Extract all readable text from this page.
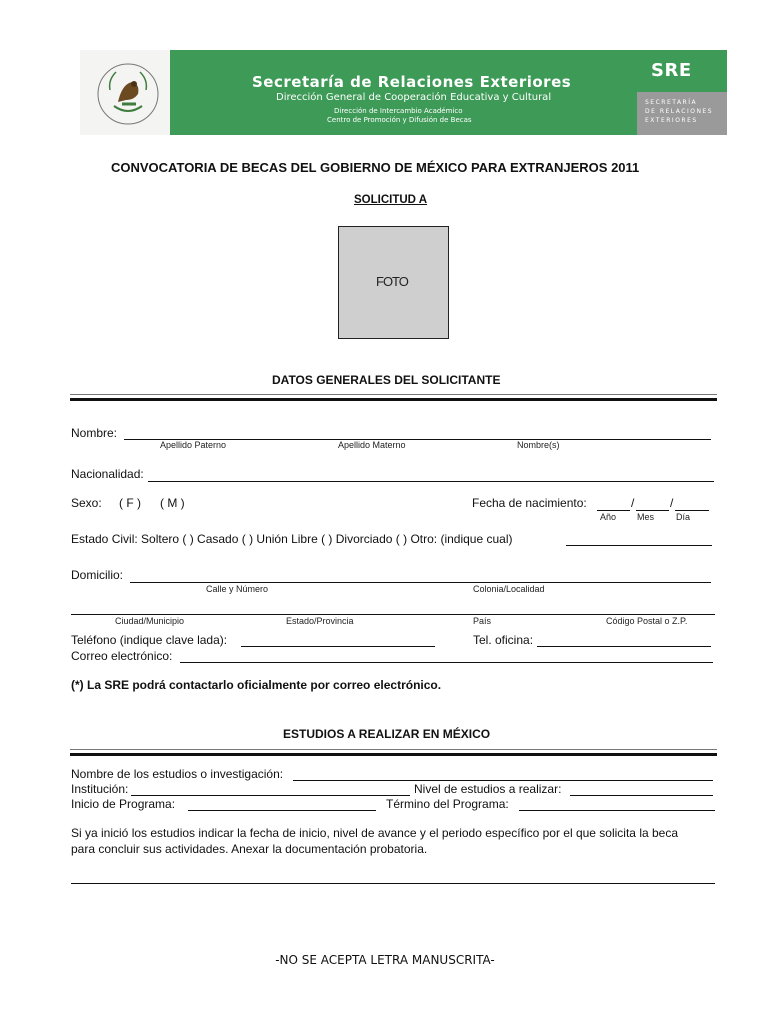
Secretaría de Relaciones Exteriores
Dirección General de Cooperación Educativa y Cultural
Dirección de Intercambio Académico
Centro de Promoción y Difusión de Becas
SRE
SECRETARÍA
DE RELACIONES
EXTERIORES
CONVOCATORIA DE BECAS DEL GOBIERNO DE MÉXICO PARA EXTRANJEROS 2011
SOLICITUD A
FOTO
DATOS GENERALES DEL SOLICITANTE
Nombre:
Apellido Paterno	Apellido Materno	Nombre(s)
Nacionalidad:
Sexo: ( F ) ( M )	Fecha de nacimiento:	/	/
Año Mes Día
Estado Civil: Soltero ( ) Casado ( ) Unión Libre ( ) Divorciado ( ) Otro: (indique cual)
Domicilio:
Calle y Número	Colonia/Localidad
Ciudad/Municipio	Estado/Provincia	País	Código Postal o Z.P.
Teléfono (indique clave lada):	Tel. oficina:
Correo electrónico:
(*) La SRE podrá contactarlo oficialmente por correo electrónico.
ESTUDIOS A REALIZAR EN MÉXICO
Nombre de los estudios o investigación:
Institución:	Nivel de estudios a realizar:
Inicio de Programa:	Término del Programa:
Si ya inició los estudios indicar la fecha de inicio, nivel de avance y el periodo específico por el que solicita la beca
para concluir sus actividades. Anexar la documentación probatoria.
-NO SE ACEPTA LETRA MANUSCRITA-
